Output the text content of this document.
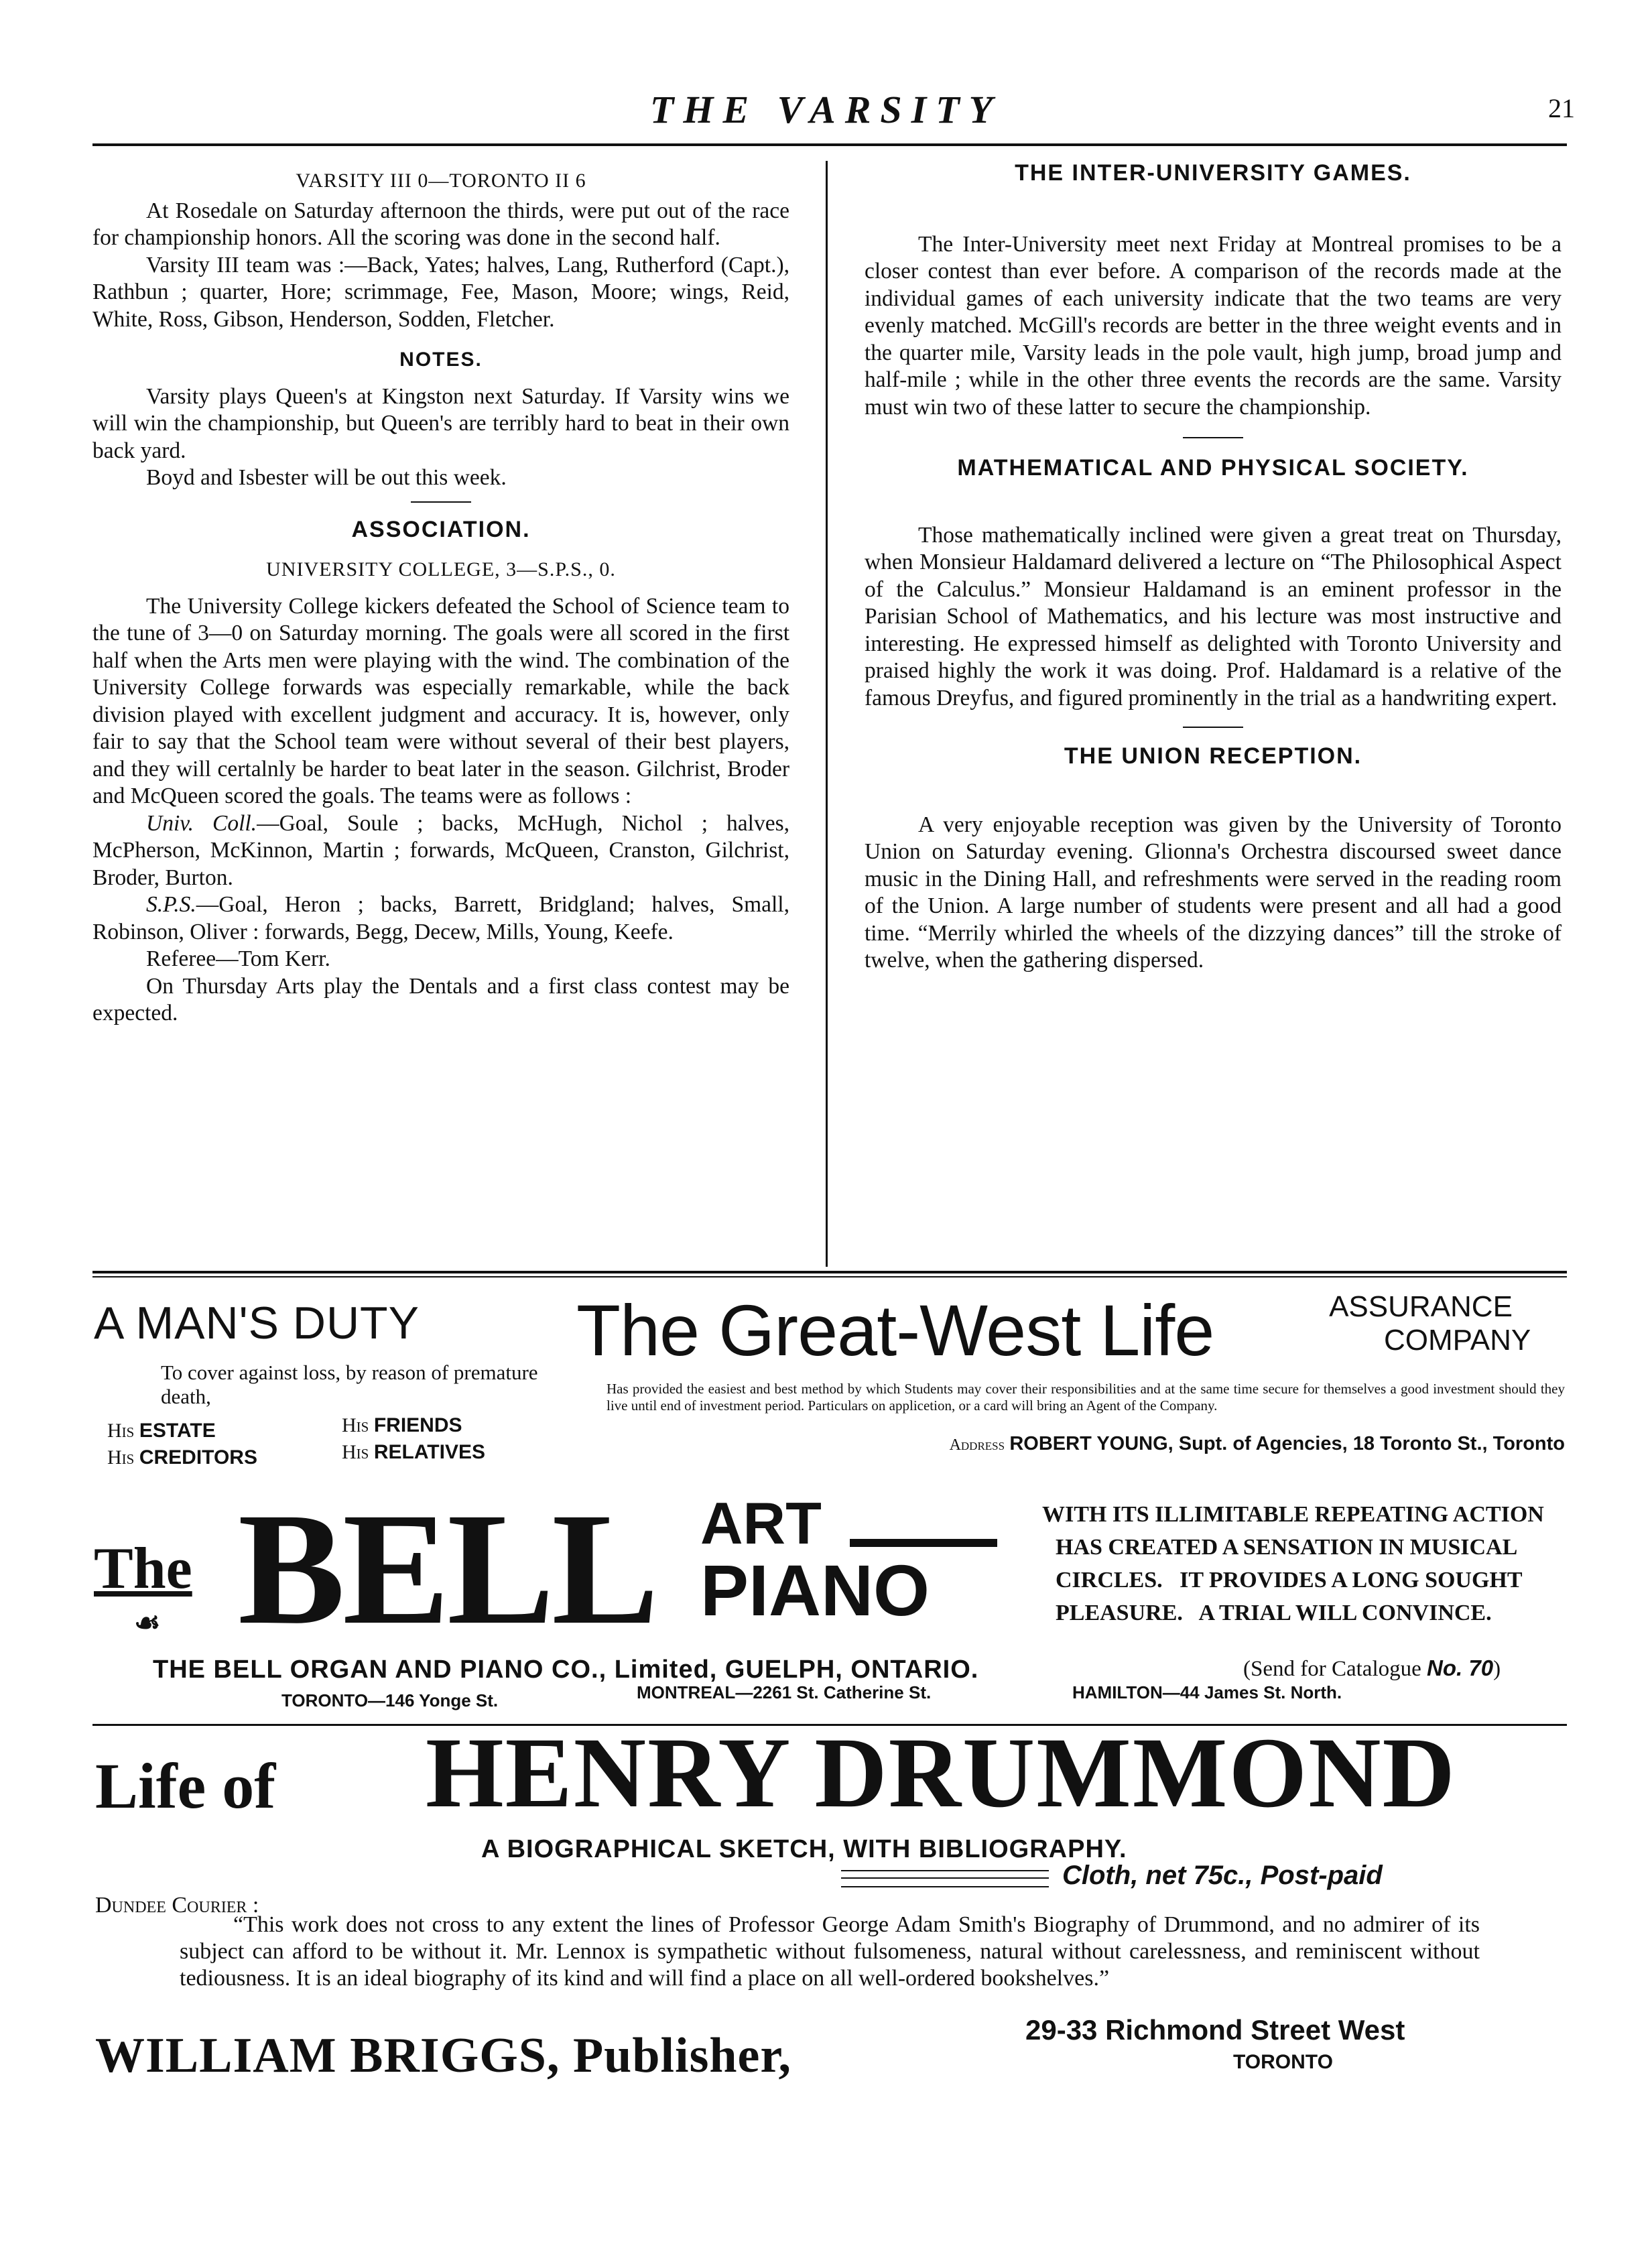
THE VARSITY	21
VARSITY III 0—TORONTO II 6

At Rosedale on Saturday afternoon the thirds, were put out of the race for championship honors. All the scoring was done in the second half.

Varsity III team was :—Back, Yates; halves, Lang, Rutherford (Capt.), Rathbun ; quarter, Hore; scrimmage, Fee, Mason, Moore; wings, Reid, White, Ross, Gibson, Henderson, Sodden, Fletcher.

NOTES.

Varsity plays Queen's at Kingston next Saturday. If Varsity wins we will win the championship, but Queen's are terribly hard to beat in their own back yard.

Boyd and Isbester will be out this week.

ASSOCIATION.
UNIVERSITY COLLEGE, 3—S.P.S., 0.

The University College kickers defeated the School of Science team to the tune of 3—0 on Saturday morning. The goals were all scored in the first half when the Arts men were playing with the wind. The combination of the University College forwards was especially remarkable, while the back division played with excellent judgment and accuracy. It is, however, only fair to say that the School team were without several of their best players, and they will certalnly be harder to beat later in the season. Gilchrist, Broder and McQueen scored the goals. The teams were as follows :

Univ. Coll.—Goal, Soule ; backs, McHugh, Nichol ; halves, McPherson, McKinnon, Martin ; forwards, McQueen, Cranston, Gilchrist, Broder, Burton.

S.P.S.—Goal, Heron ; backs, Barrett, Bridgland; halves, Small, Robinson, Oliver : forwards, Begg, Decew, Mills, Young, Keefe.

Referee—Tom Kerr.

On Thursday Arts play the Dentals and a first class contest may be expected.

THE INTER-UNIVERSITY GAMES.

The Inter-University meet next Friday at Montreal promises to be a closer contest than ever before. A comparison of the records made at the individual games of each university indicate that the two teams are very evenly matched. McGill's records are better in the three weight events and in the quarter mile, Varsity leads in the pole vault, high jump, broad jump and half-mile ; while in the other three events the records are the same. Varsity must win two of these latter to secure the championship.

MATHEMATICAL AND PHYSICAL SOCIETY.

Those mathematically inclined were given a great treat on Thursday, when Monsieur Haldamard delivered a lecture on “The Philosophical Aspect of the Calculus.” Monsieur Haldamand is an eminent professor in the Parisian School of Mathematics, and his lecture was most instructive and interesting. He expressed himself as delighted with Toronto University and praised highly the work it was doing. Prof. Haldamard is a relative of the famous Dreyfus, and figured prominently in the trial as a handwriting expert.

THE UNION RECEPTION.

A very enjoyable reception was given by the University of Toronto Union on Saturday evening. Glionna's Orchestra discoursed sweet dance music in the Dining Hall, and refreshments were served in the reading room of the Union. A large number of students were present and all had a good time. “Merrily whirled the wheels of the dizzying dances” till the stroke of twelve, when the gathering dispersed.

A MAN'S DUTY
To cover against loss, by reason of premature death,
His ESTATE
His CREDITORS
His FRIENDS
His RELATIVES
The Great-West Life	ASSURANCE
COMPANY
Has provided the easiest and best method by which Students may cover their responsibilities and at the same time secure for themselves a good investment should they live until end of investment period. Particulars on applicetion, or a card will bring an Agent of the Company.
Address ROBERT YOUNG, Supt. of Agencies, 18 Toronto St., Toronto
The
☙ BELL ART
PIANO
WITH ITS ILLIMITABLE REPEATING ACTION
HAS CREATED A SENSATION IN MUSICAL
CIRCLES.   IT PROVIDES A LONG SOUGHT
PLEASURE.   A TRIAL WILL CONVINCE.
THE BELL ORGAN AND PIANO CO., Limited, GUELPH, ONTARIO.	(Send for Catalogue No. 70)
TORONTO—146 Yonge St.	MONTREAL—2261 St. Catherine St.	HAMILTON—44 James St. North.
Life of HENRY DRUMMOND
A BIOGRAPHICAL SKETCH, WITH BIBLIOGRAPHY.
Cloth, net 75c., Post-paid
Dundee Courier :
“This work does not cross to any extent the lines of Professor George Adam Smith's Biography of Drummond, and no admirer of its subject can afford to be without it. Mr. Lennox is sympathetic without fulsomeness, natural without carelessness, and reminiscent without tediousness. It is an ideal biography of its kind and will find a place on all well-ordered bookshelves.”
WILLIAM BRIGGS, Publisher,	29-33 Richmond Street West
TORONTO
